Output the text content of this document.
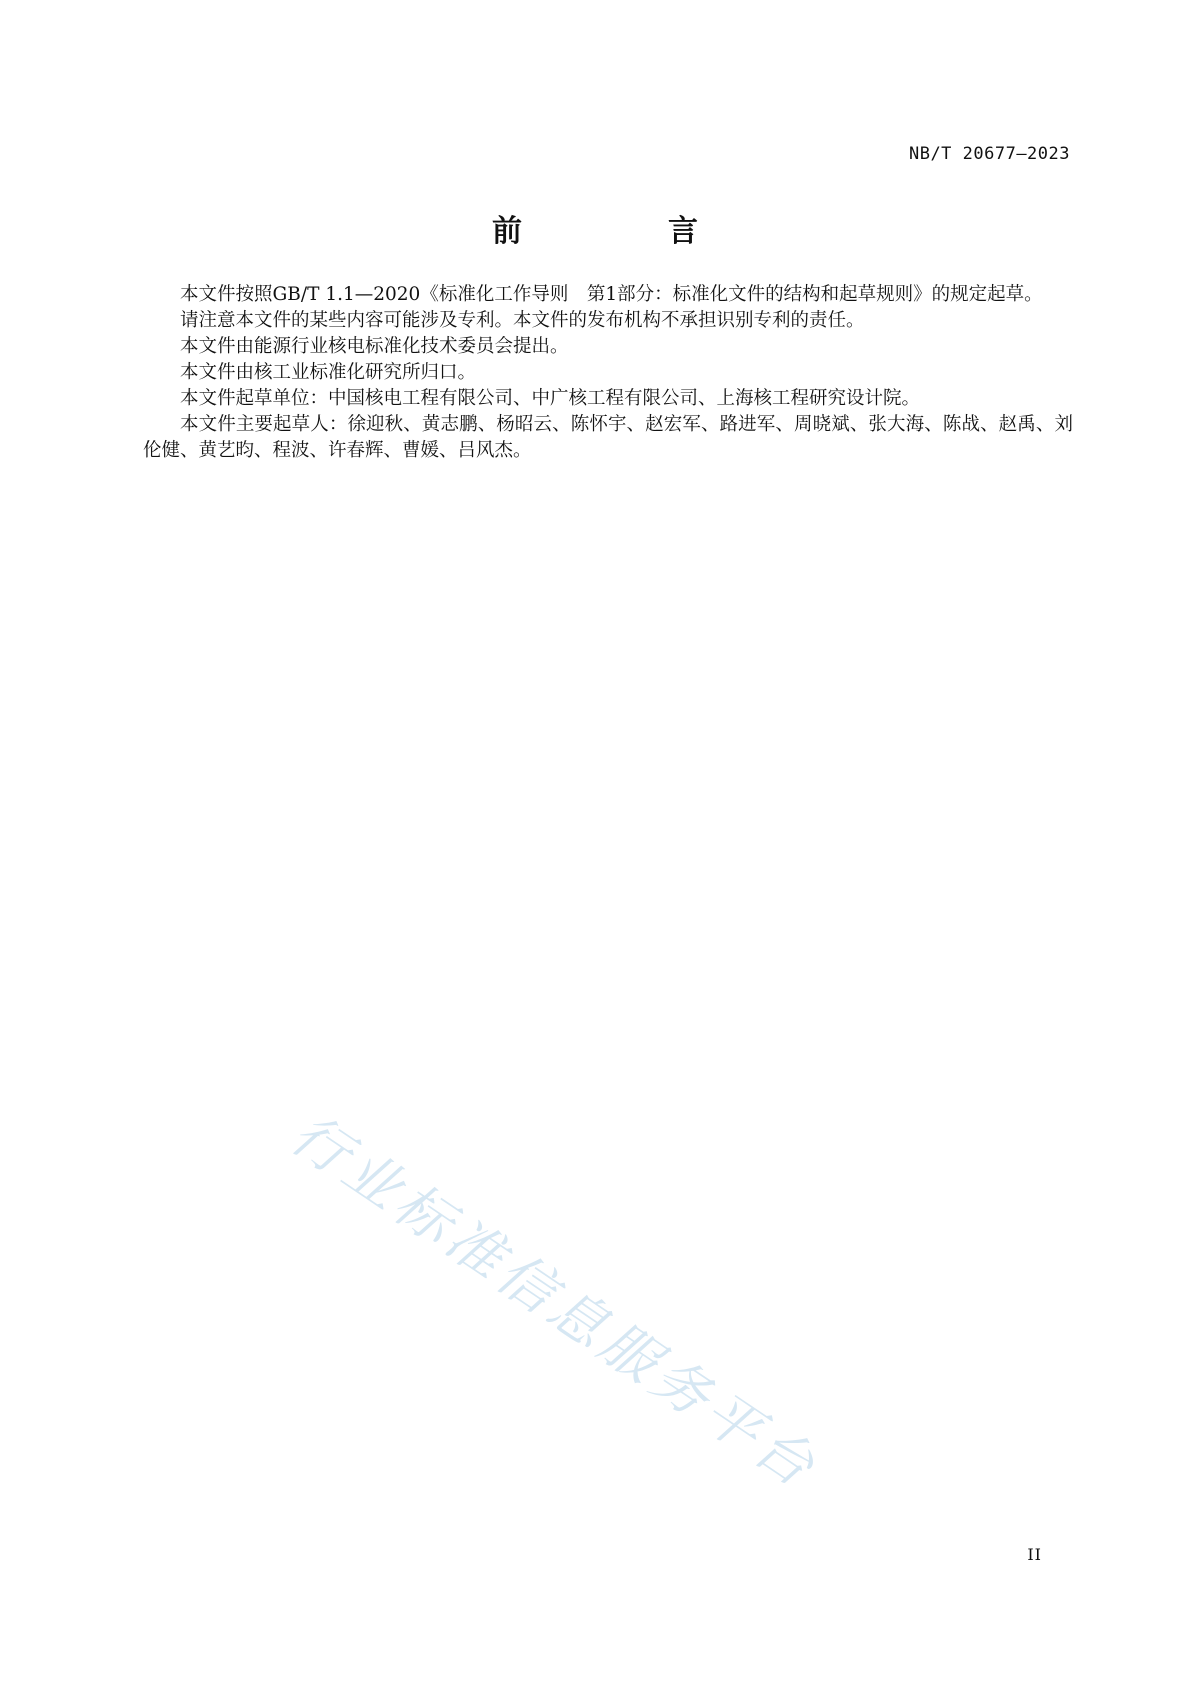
NB/T 20677—2023
前　言

本文件按照GB/T 1.1—2020《标准化工作导则　第1部分：标准化文件的结构和起草规则》的规定起草。

请注意本文件的某些内容可能涉及专利。本文件的发布机构不承担识别专利的责任。

本文件由能源行业核电标准化技术委员会提出。

本文件由核工业标准化研究所归口。

本文件起草单位：中国核电工程有限公司、中广核工程有限公司、上海核工程研究设计院。

本文件主要起草人：徐迎秋、黄志鹏、杨昭云、陈怀宇、赵宏军、路进军、周晓斌、张大海、陈战、赵禹、刘伦健、黄艺昀、程波、许春辉、曹媛、吕风杰。

行业标准信息服务平台
II
